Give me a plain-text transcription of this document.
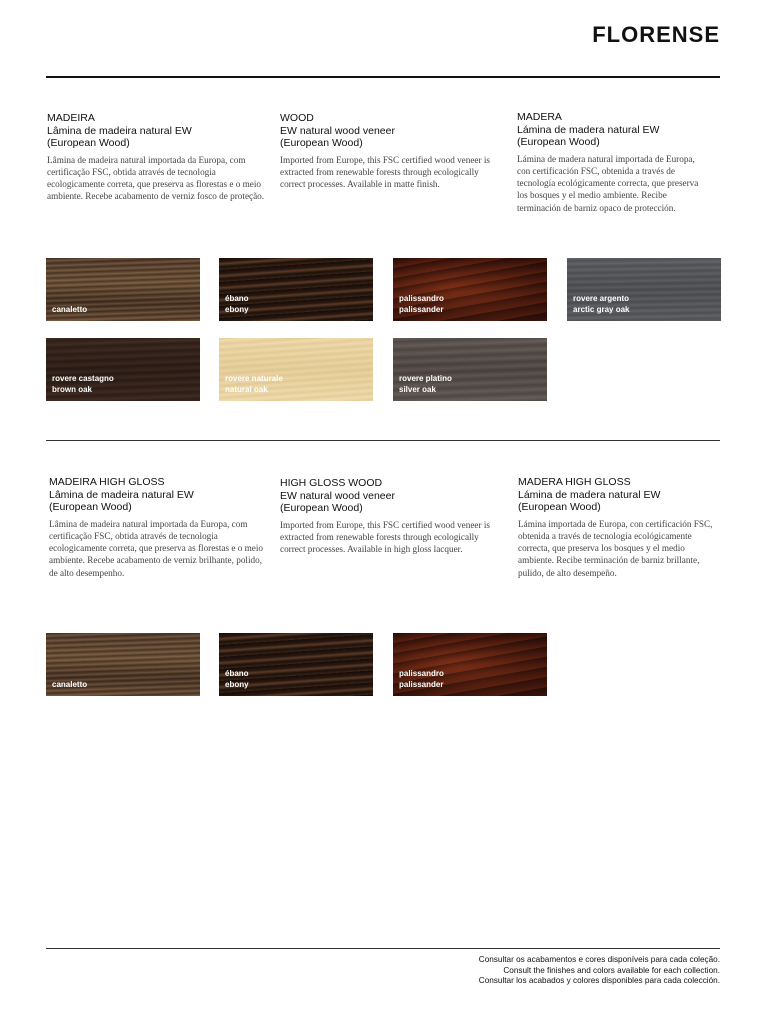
FLORENSE
MADEIRA
Lâmina de madeira natural EW
(European Wood)

Lâmina de madeira natural importada da Europa, com certificação FSC, obtida através de tecnologia ecologicamente correta, que preserva as florestas e o meio ambiente. Recebe acabamento de verniz fosco de proteção.

WOOD
EW natural wood veneer
(European Wood)

Imported from Europe, this FSC certified wood veneer is extracted from renewable forests through ecologically correct processes. Available in matte finish.

MADERA
Lámina de madera natural EW
(European Wood)

Lámina de madera natural importada de Europa, con certificación FSC, obtenida a través de tecnología ecológicamente correcta, que preserva los bosques y el medio ambiente. Recibe terminación de barniz opaco de protección.

canaletto
ébano
ebony
palissandro
palissander
rovere argento
arctic gray oak
rovere castagno
brown oak
rovere naturale
natural oak
rovere platino
silver oak
MADEIRA HIGH GLOSS
Lâmina de madeira natural EW
(European Wood)

Lâmina de madeira natural importada da Europa, com certificação FSC, obtida através de tecnologia ecologicamente correta, que preserva as florestas e o meio ambiente. Recebe acabamento de verniz brilhante, polido, de alto desempenho.

HIGH GLOSS WOOD
EW natural wood veneer
(European Wood)

Imported from Europe, this FSC certified wood veneer is extracted from renewable forests through ecologically correct processes. Available in high gloss lacquer.

MADERA HIGH GLOSS
Lámina de madera natural EW
(European Wood)

Lámina importada de Europa, con certificación FSC, obtenida a través de tecnología ecológicamente correcta, que preserva los bosques y el medio ambiente. Recibe terminación de barniz brillante, pulido, de alto desempeño.

canaletto
ébano
ebony
palissandro
palissander
Consultar os acabamentos e cores disponíveis para cada coleção.
Consult the finishes and colors available for each collection.
Consultar los acabados y colores disponibles para cada colección.
